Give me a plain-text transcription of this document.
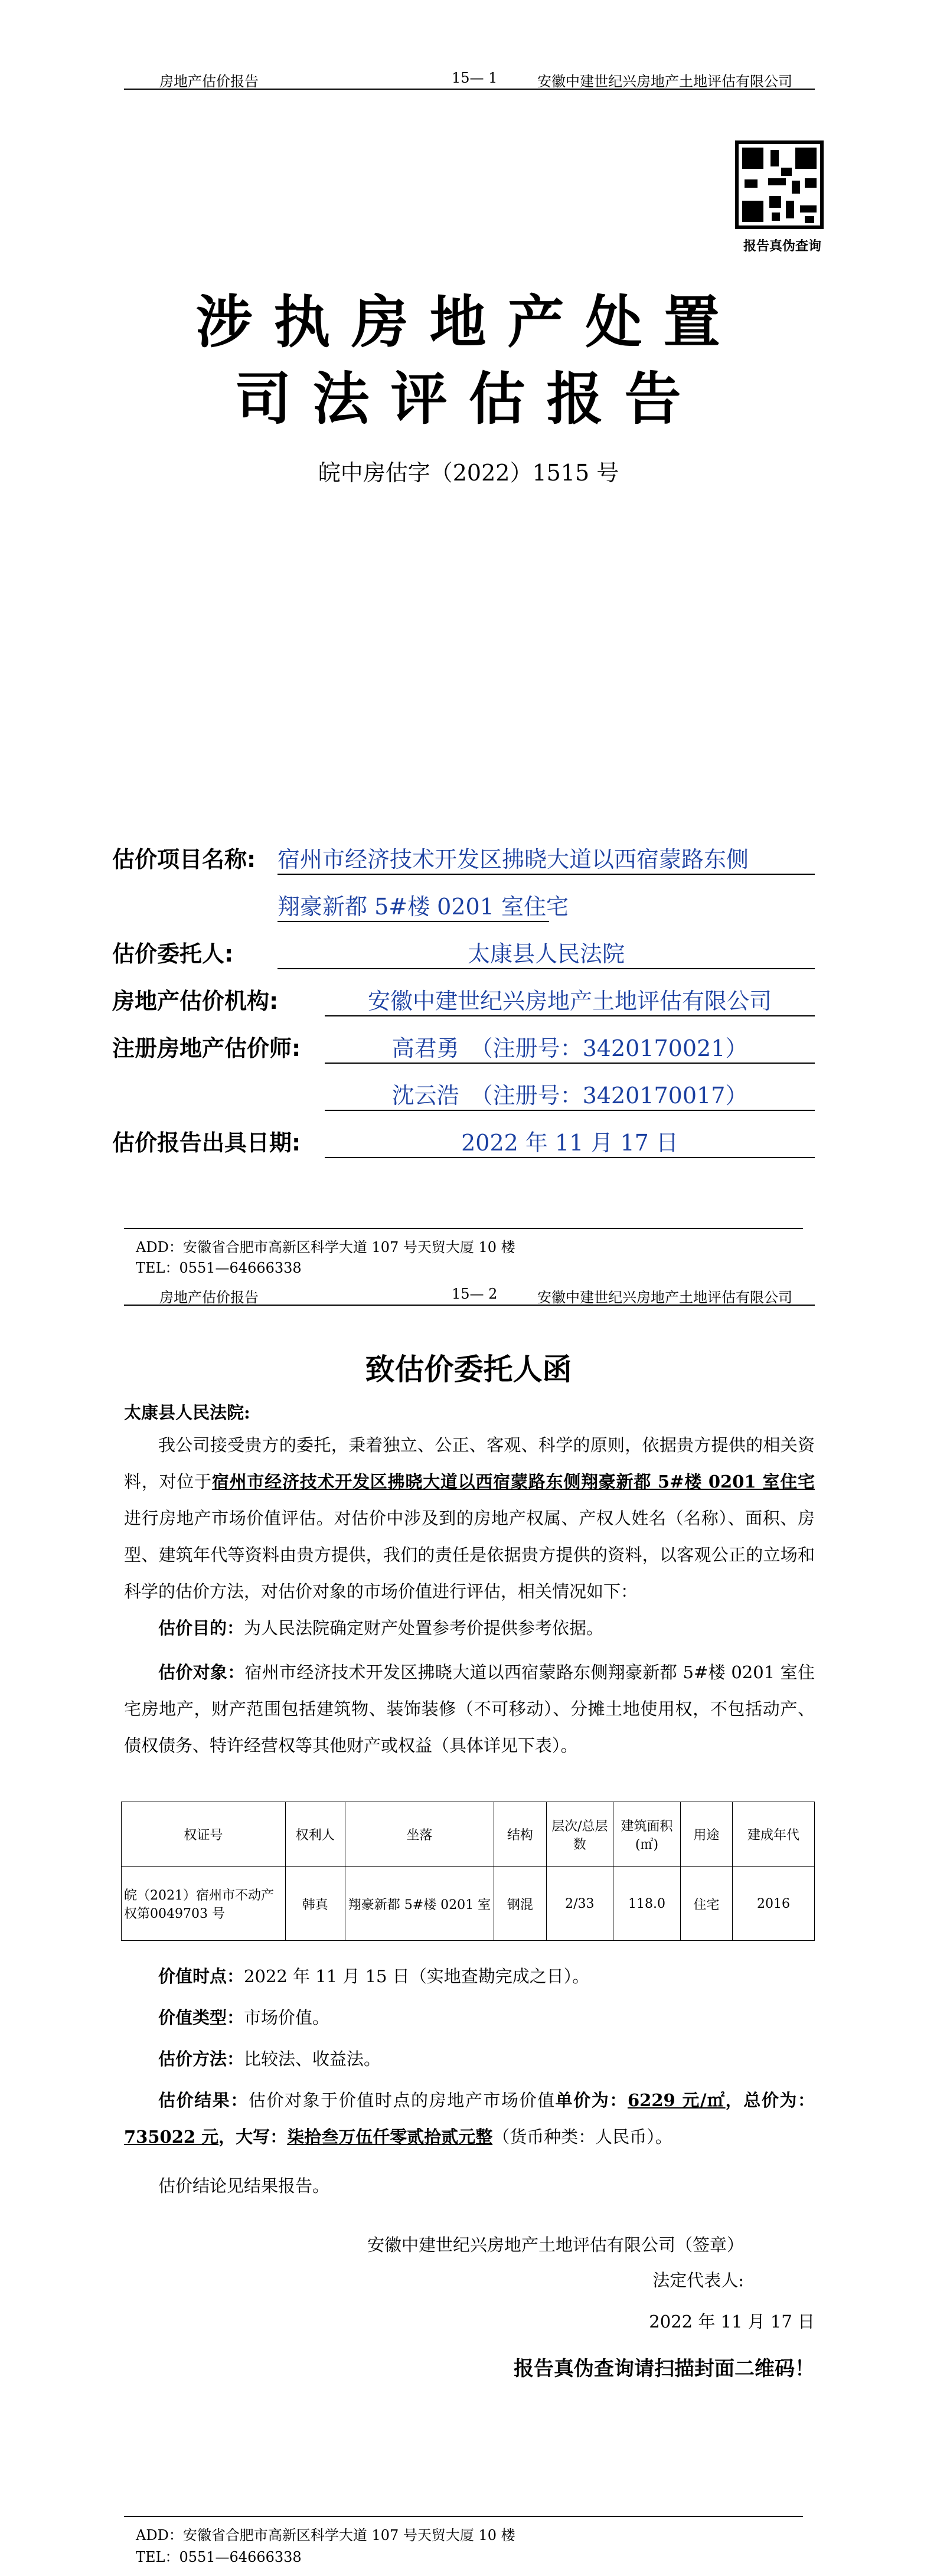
房地产估价报告	15— 1	安徽中建世纪兴房地产土地评估有限公司
报告真伪查询
涉执房地产处置
司法评估报告
皖中房估字（2022）1515 号
估价项目名称: 宿州市经济技术开发区拂晓大道以西宿蒙路东侧
翔豪新都 5#楼 0201 室住宅
估价委托人:	太康县人民法院
房地产估价机构:	安徽中建世纪兴房地产土地评估有限公司
注册房地产估价师:	高君勇　（注册号：3420170021）
沈云浩　（注册号：3420170017）
估价报告出具日期:	2022 年 11 月 17 日
ADD：安徽省合肥市高新区科学大道 107 号天贸大厦 10 楼
TEL：0551—64666338
房地产估价报告	15— 2	安徽中建世纪兴房地产土地评估有限公司
致估价委托人函
太康县人民法院:
我公司接受贵方的委托，秉着独立、公正、客观、科学的原则，依据贵方提供的相关资料，对位于宿州市经济技术开发区拂晓大道以西宿蒙路东侧翔豪新都 5#楼 0201 室住宅进行房地产市场价值评估。对估价中涉及到的房地产权属、产权人姓名（名称）、面积、房型、建筑年代等资料由贵方提供，我们的责任是依据贵方提供的资料，以客观公正的立场和科学的估价方法，对估价对象的市场价值进行评估，相关情况如下：
估价目的：为人民法院确定财产处置参考价提供参考依据。
估价对象：宿州市经济技术开发区拂晓大道以西宿蒙路东侧翔豪新都 5#楼 0201 室住宅房地产，财产范围包括建筑物、装饰装修（不可移动）、分摊土地使用权，不包括动产、债权债务、特许经营权等其他财产或权益（具体详见下表）。
权证号	权利人	坐落	结构	层次/总层数	建筑面积(㎡)	用途	建成年代
皖（2021）宿州市不动产权第0049703 号	韩真	翔豪新都 5#楼 0201 室	钢混	2/33	118.0	住宅	2016
价值时点：2022 年 11 月 15 日（实地查勘完成之日）。
价值类型：市场价值。
估价方法：比较法、收益法。
估价结果：估价对象于价值时点的房地产市场价值单价为：6229 元/㎡，总价为：735022 元，大写：柒拾叁万伍仟零贰拾贰元整（货币种类：人民币）。
估价结论见结果报告。
安徽中建世纪兴房地产土地评估有限公司（签章）
法定代表人:
2022 年 11 月 17 日
报告真伪查询请扫描封面二维码！
ADD：安徽省合肥市高新区科学大道 107 号天贸大厦 10 楼
TEL：0551—64666338
